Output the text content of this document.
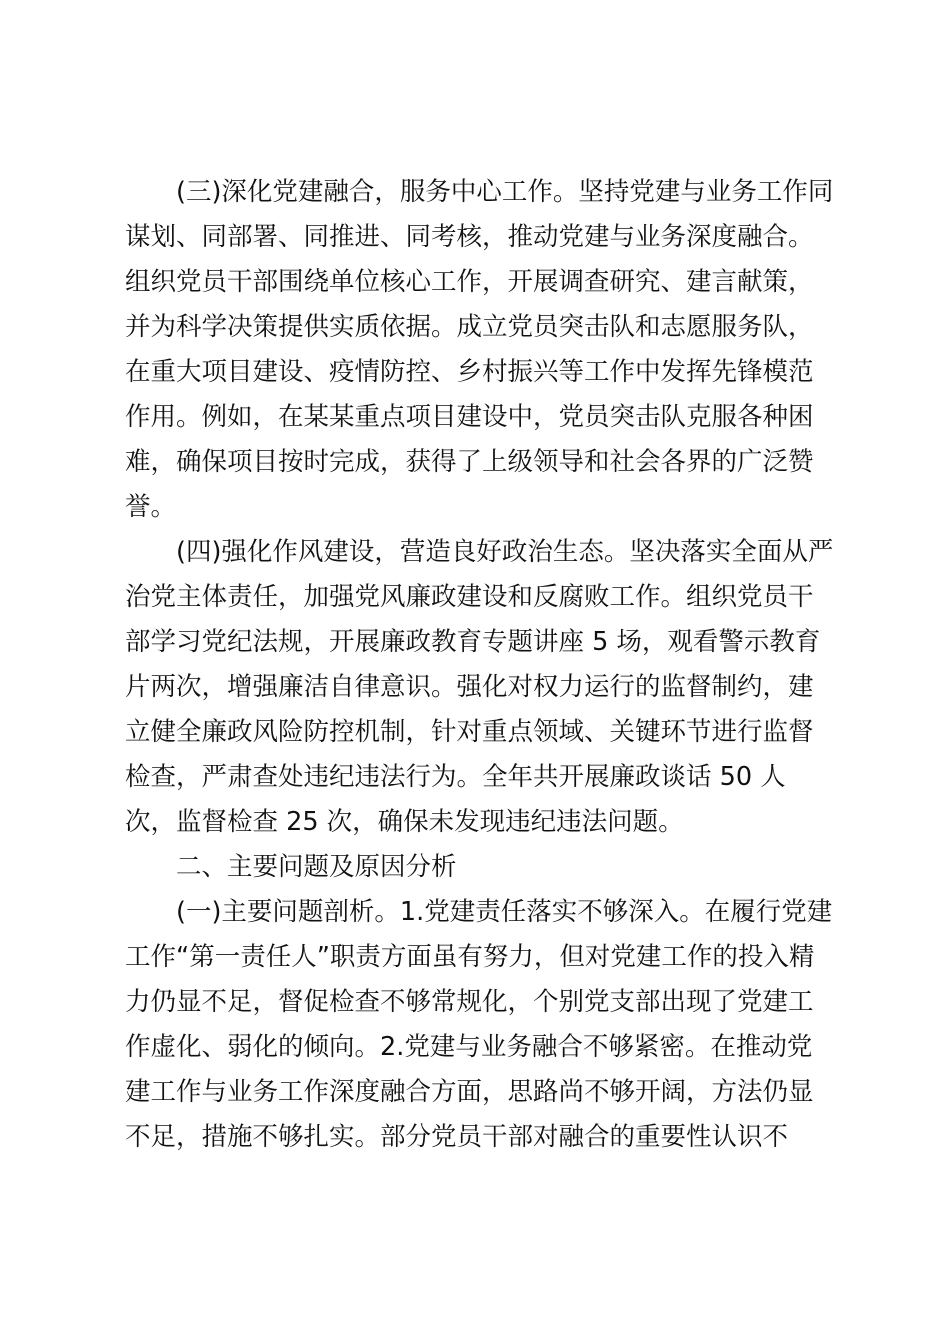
(三)深化党建融合，服务中心工作。坚持党建与业务工作同
谋划、同部署、同推进、同考核，推动党建与业务深度融合。
组织党员干部围绕单位核心工作，开展调查研究、建言献策，
并为科学决策提供实质依据。成立党员突击队和志愿服务队，
在重大项目建设、疫情防控、乡村振兴等工作中发挥先锋模范
作用。例如，在某某重点项目建设中，党员突击队克服各种困
难，确保项目按时完成，获得了上级领导和社会各界的广泛赞
誉。

(四)强化作风建设，营造良好政治生态。坚决落实全面从严
治党主体责任，加强党风廉政建设和反腐败工作。组织党员干
部学习党纪法规，开展廉政教育专题讲座 5 场，观看警示教育
片两次，增强廉洁自律意识。强化对权力运行的监督制约，建
立健全廉政风险防控机制，针对重点领域、关键环节进行监督
检查，严肃查处违纪违法行为。全年共开展廉政谈话 50 人
次，监督检查 25 次，确保未发现违纪违法问题。

二、主要问题及原因分析

(一)主要问题剖析。1.党建责任落实不够深入。在履行党建
工作“第一责任人”职责方面虽有努力，但对党建工作的投入精
力仍显不足，督促检查不够常规化，个别党支部出现了党建工
作虚化、弱化的倾向。2.党建与业务融合不够紧密。在推动党
建工作与业务工作深度融合方面，思路尚不够开阔，方法仍显
不足，措施不够扎实。部分党员干部对融合的重要性认识不
